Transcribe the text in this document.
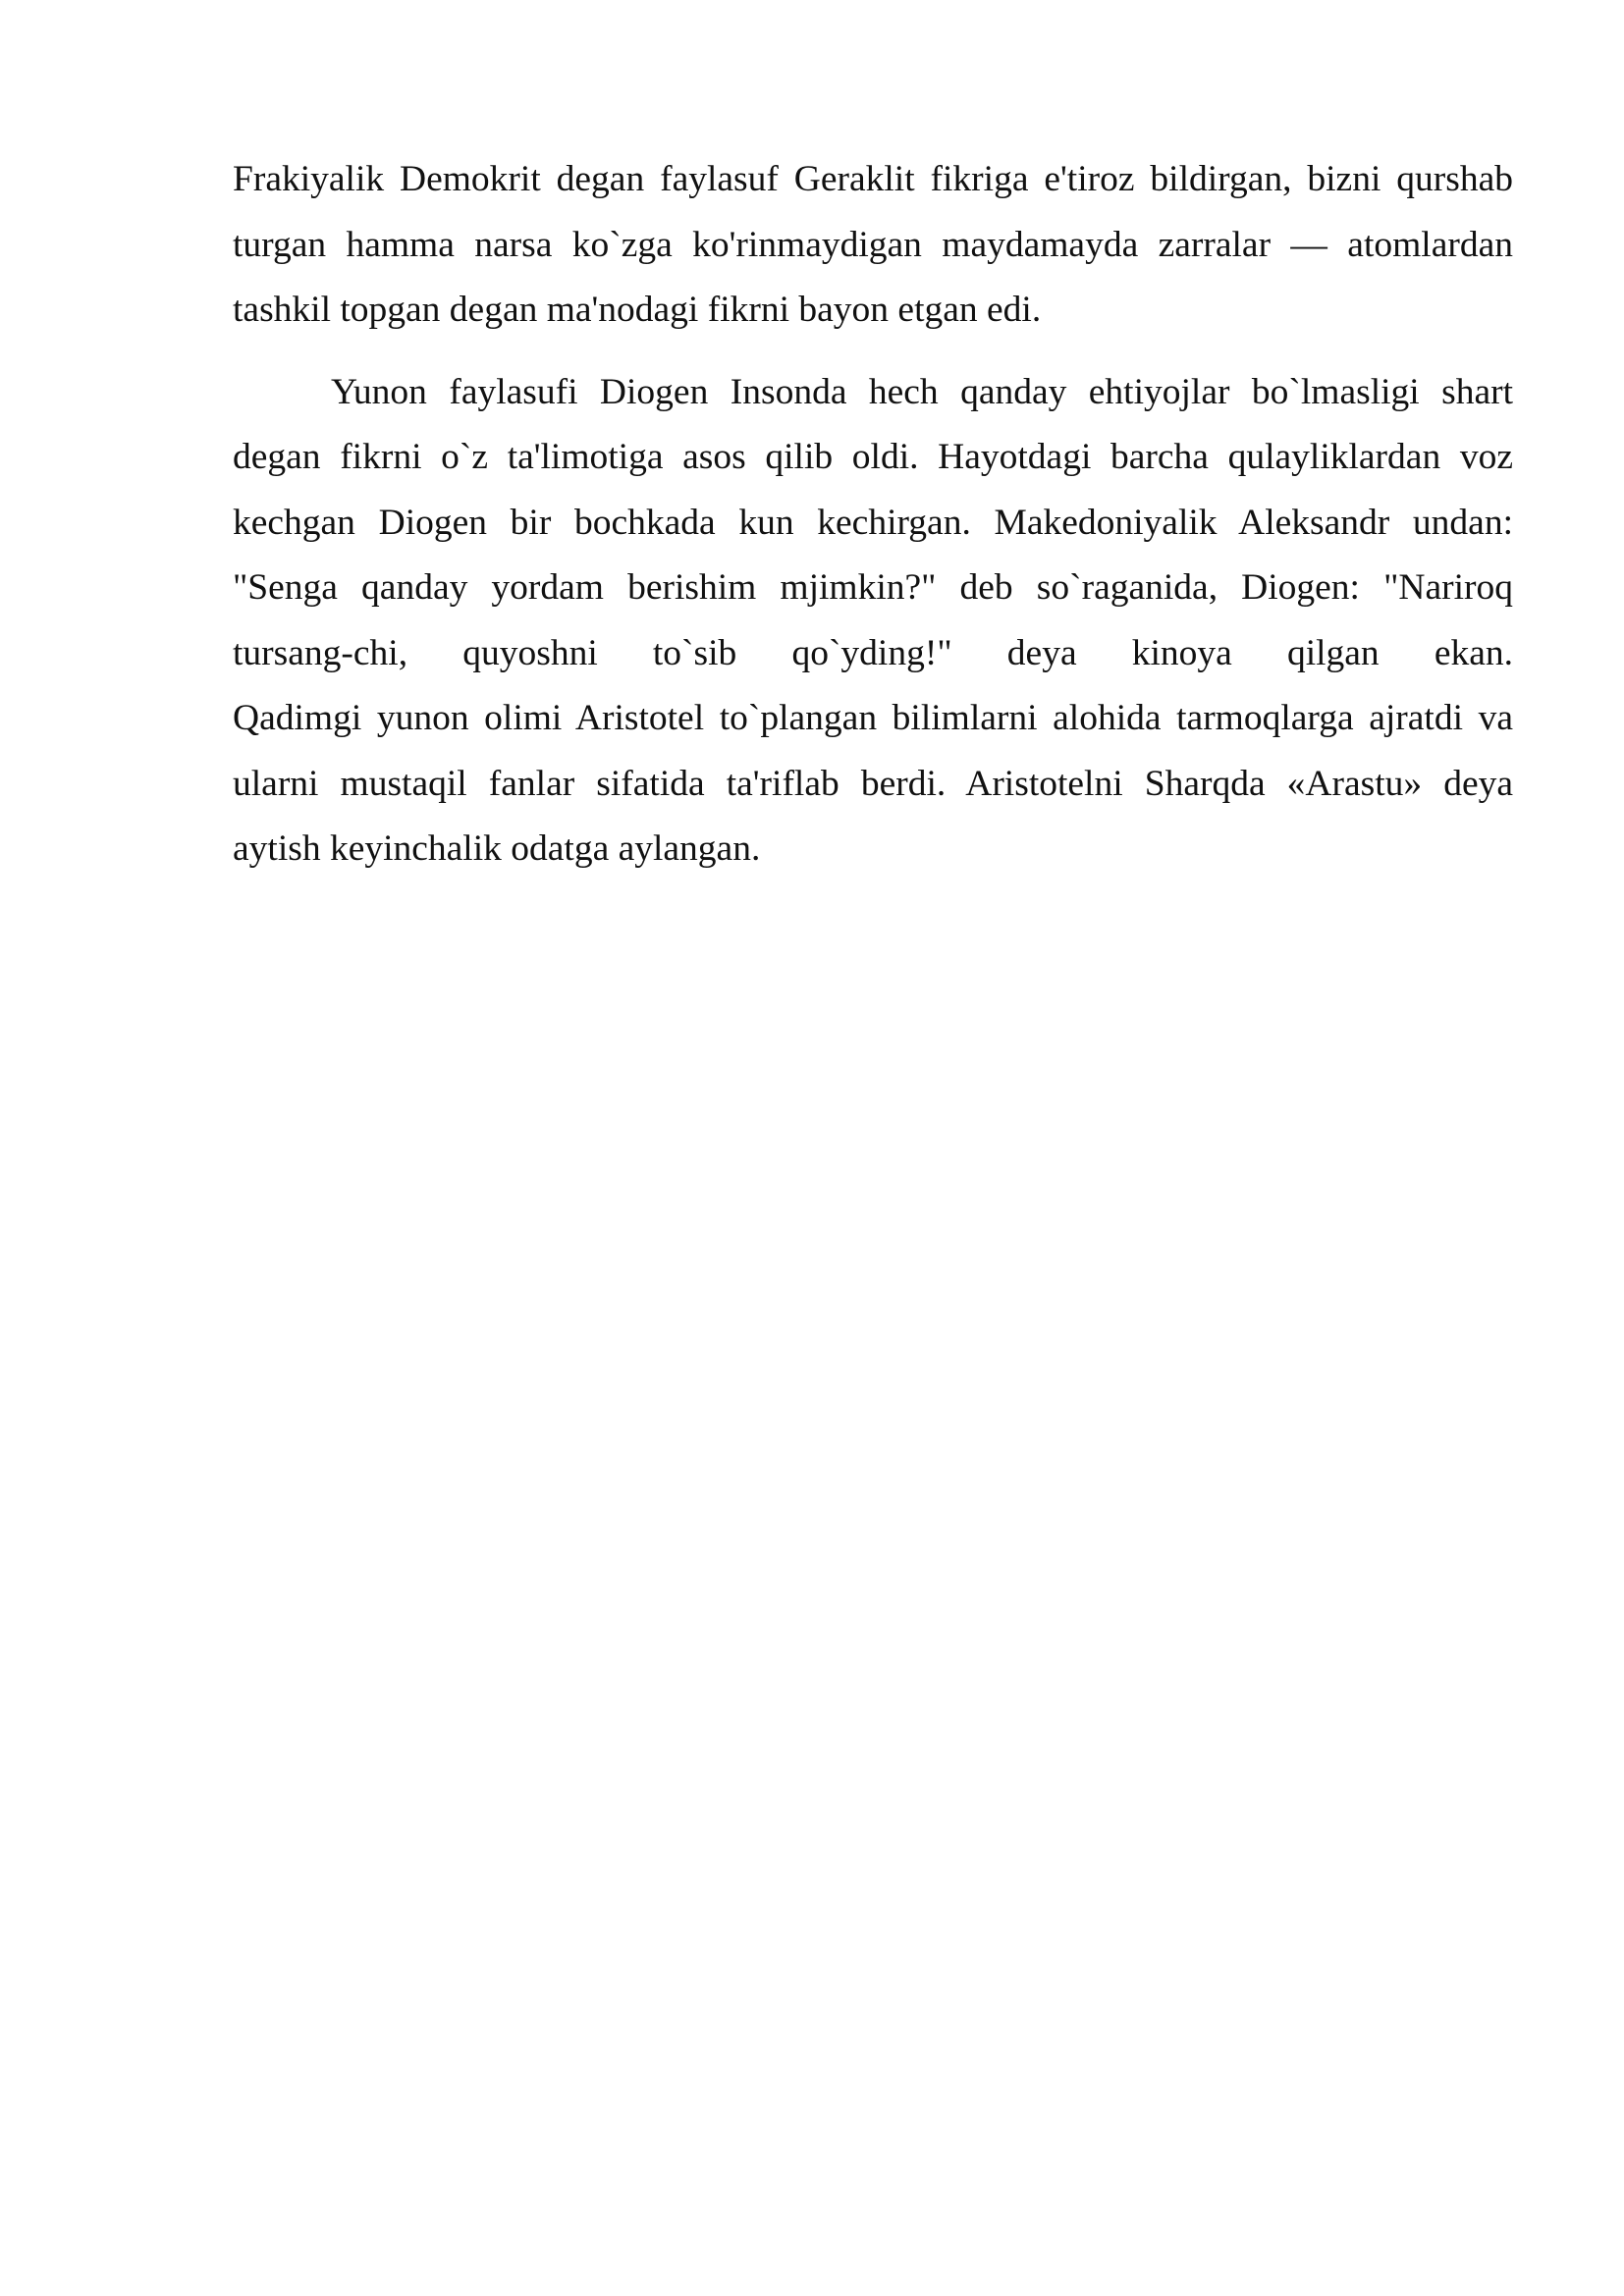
Frakiyalik Demokrit degan faylasuf Geraklit fikriga e'tiroz bildirgan, bizni qurshab
turgan hamma narsa ko`zga ko'rinmaydigan maydamayda zarralar — atomlardan
tashkil topgan degan ma'nodagi fikrni bayon etgan edi.

Yunon faylasufi Diogen Insonda hech qanday ehtiyojlar bo`lmasligi shart
degan fikrni o`z ta'limotiga asos qilib oldi. Hayotdagi barcha qulayliklardan voz
kechgan Diogen bir bochkada kun kechirgan. Makedoniyalik Aleksandr undan:
"Senga qanday yordam berishim mjimkin?" deb so`raganida, Diogen: "Nariroq
tursang-chi, quyoshni to`sib qo`yding!" deya kinoya qilgan ekan.
Qadimgi yunon olimi Aristotel to`plangan bilimlarni alohida tarmoqlarga ajratdi va
ularni mustaqil fanlar sifatida ta'riflab berdi. Aristotelni Sharqda «Arastu» deya
aytish keyinchalik odatga aylangan.
